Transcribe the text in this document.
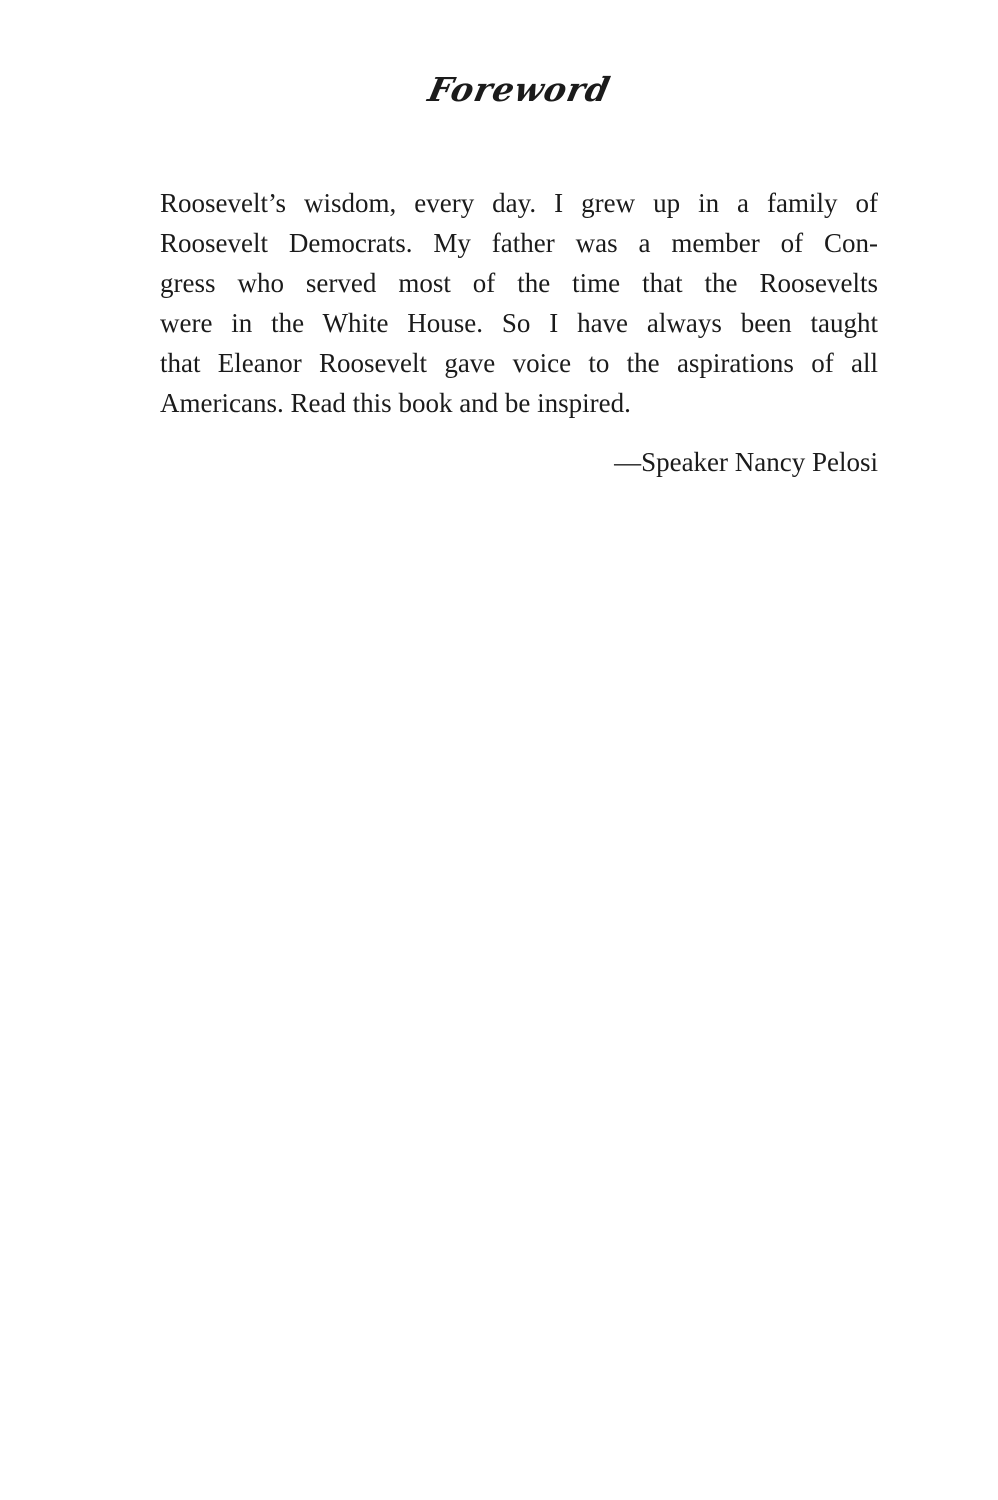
Foreword
Roosevelt’s wisdom, every day. I grew up in a family of
Roosevelt Democrats. My father was a member of Con-
gress who served most of the time that the Roosevelts
were in the White House. So I have always been taught
that Eleanor Roosevelt gave voice to the aspirations of all
Americans. Read this book and be inspired.
—Speaker Nancy Pelosi
